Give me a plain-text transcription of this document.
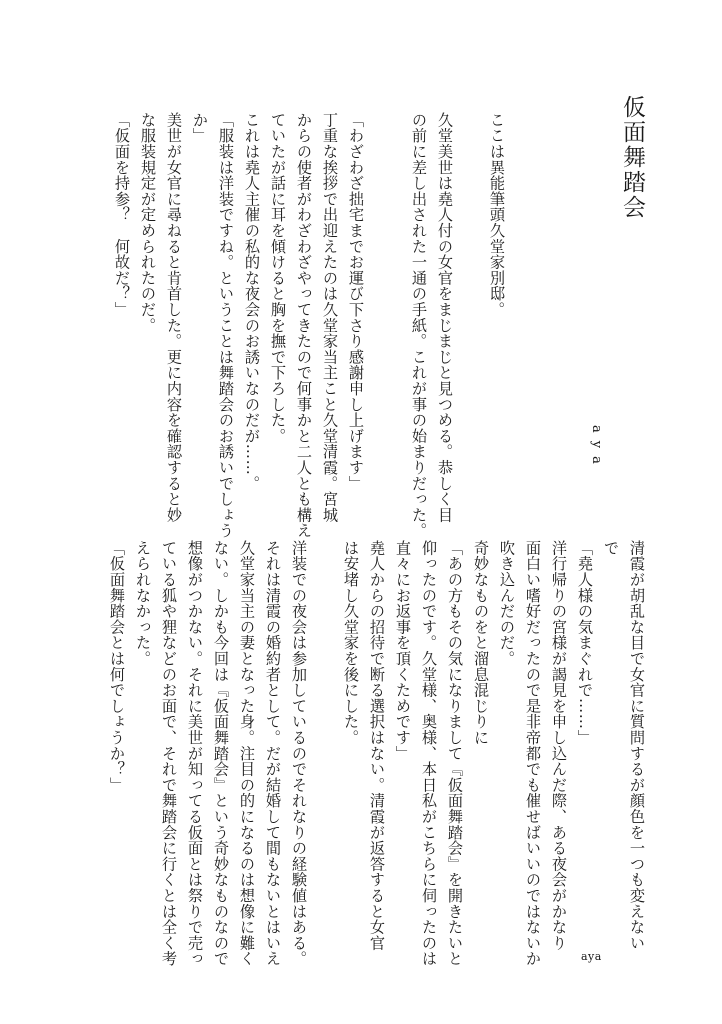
仮面舞踏会
aya
ここは異能筆頭久堂家別邸。
久堂美世は堯人付の女官をまじまじと見つめる。恭しく目
の前に差し出された一通の手紙。これが事の始まりだった。
「わざわざ拙宅までお運び下さり感謝申し上げます」
丁重な挨拶で出迎えたのは久堂家当主こと久堂清霞。宮城
からの使者がわざわざやってきたので何事かと二人とも構え
ていたが話に耳を傾けると胸を撫で下ろした。
これは堯人主催の私的な夜会のお誘いなのだが……。
「服装は洋装ですね。ということは舞踏会のお誘いでしょう
か」
美世が女官に尋ねると肯首した。更に内容を確認すると妙
な服装規定が定められたのだ。
「仮面を持参？　何故だ？」
清霞が胡乱な目で女官に質問するが顔色を一つも変えない
で
「堯人様の気まぐれで……」
洋行帰りの宮様が謁見を申し込んだ際、ある夜会がかなり
面白い嗜好だったので是非帝都でも催せばいいのではないか
吹き込んだのだ。
奇妙なものをと溜息混じりに
「あの方もその気になりまして『仮面舞踏会』を開きたいと
仰ったのです。久堂様、奥様、本日私がこちらに伺ったのは
直々にお返事を頂くためです」
堯人からの招待で断る選択はない。清霞が返答すると女官
は安堵し久堂家を後にした。
洋装での夜会は参加しているのでそれなりの経験値はある。
それは清霞の婚約者として。だが結婚して間もないとはいえ
久堂家当主の妻となった身。注目の的になるのは想像に難く
ない。しかも今回は『仮面舞踏会』という奇妙なものなので
想像がつかない。それに美世が知ってる仮面とは祭りで売っ
ている狐や狸などのお面で、それで舞踏会に行くとは全く考
えられなかった。
「仮面舞踏会とは何でしょうか？」
aya
